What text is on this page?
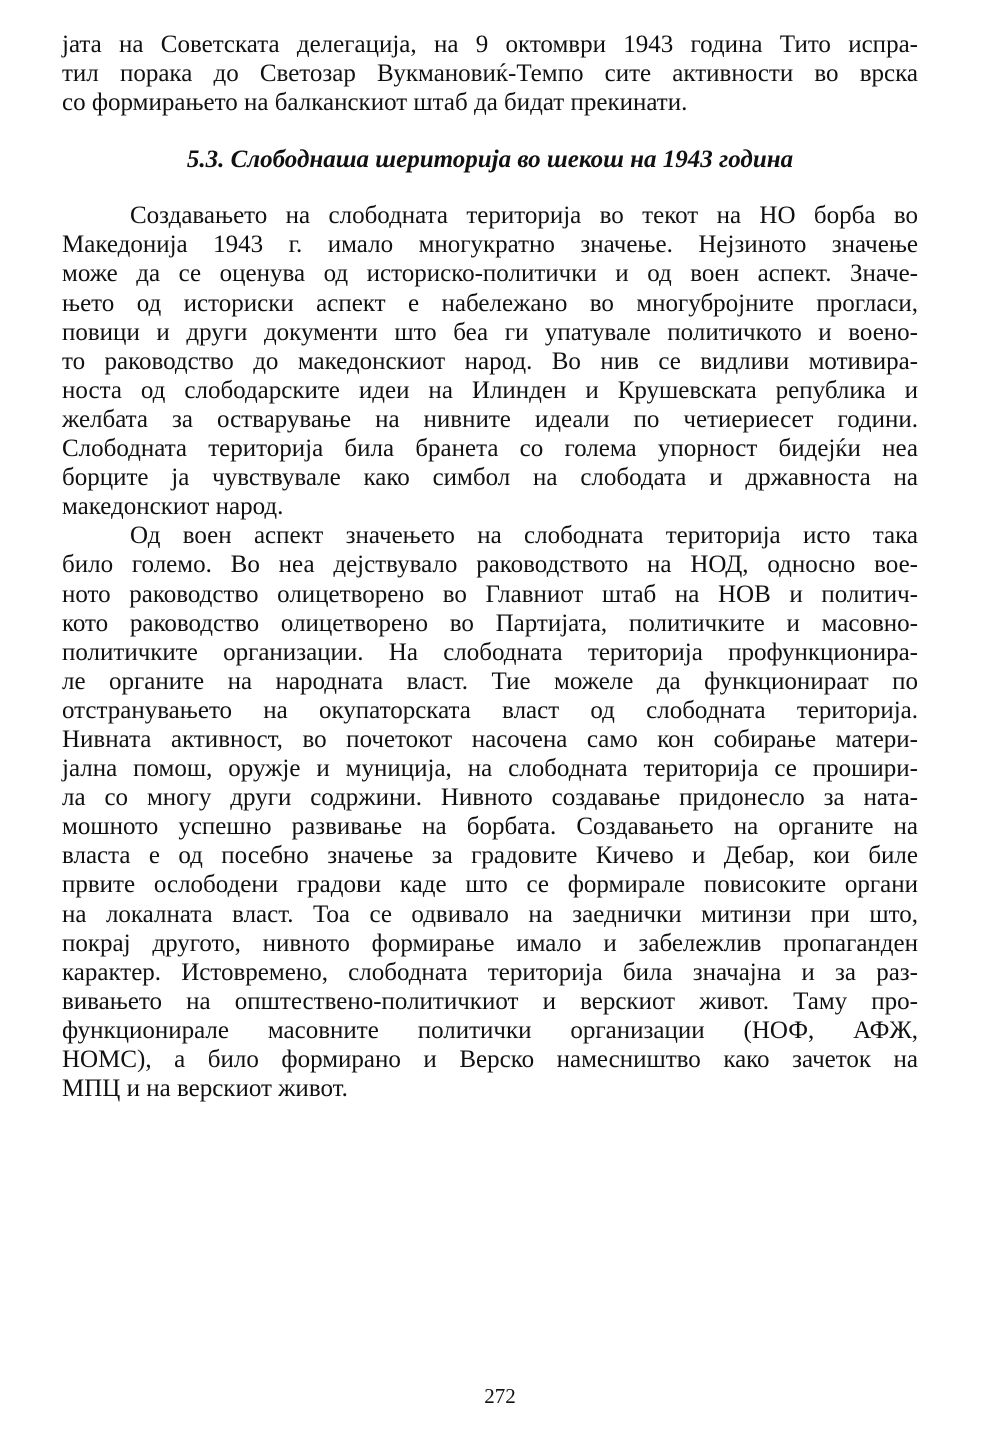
јата на Советската делегација, на 9 октомври 1943 година Тито испра-
тил порака до Светозар Вукмановиќ-Темпо сите активности во врска
со формирањето на балканскиот штаб да бидат прекинати.
5.3. Слободнаша шериторија во шекош на 1943 година
Создавањето на слободната територија во текот на НО борба во
Македонија 1943 г. имало многукратно значење. Нејзиното значење
може да се оценува од историско-политички и од воен аспект. Значе-
њето од историски аспект е набележано во многубројните прогласи,
повици и други документи што беа ги упатувале политичкото и воено-
то раководство до македонскиот народ. Во нив се видливи мотивира-
носта од слободарските идеи на Илинден и Крушевската република и
желбата за остварување на нивните идеали по четиериесет години.
Слободната територија била бранета со голема упорност бидејќи неа
борците ја чувствувале како симбол на слободата и државноста на
македонскиот народ.
Од воен аспект значењето на слободната територија исто така
било големо. Во неа дејствувало раководството на НОД, односно вое-
ното раководство олицетворено во Главниот штаб на НОВ и политич-
кото раководство олицетворено во Партијата, политичките и масовно-
политичките организации. На слободната територија профункционира-
ле органите на народната власт. Тие можеле да функционираат по
отстранувањето на окупаторската власт од слободната територија.
Нивната активност, во почетокот насочена само кон собирање матери-
јална помош, оружје и муниција, на слободната територија се прошири-
ла со многу други содржини. Нивното создавање придонесло за ната-
мошното успешно развивање на борбата. Создавањето на органите на
власта е од посебно значење за градовите Кичево и Дебар, кои биле
првите ослободени градови каде што се формирале повисоките органи
на локалната власт. Тоа се одвивало на заеднички митинзи при што,
покрај другото, нивното формирање имало и забележлив пропаганден
карактер. Истовремено, слободната територија била значајна и за раз-
вивањето на општествено-политичкиот и верскиот живот. Таму про-
функционирале масовните политички организации (НОФ, АФЖ,
НОМС), а било формирано и Верско намесништво како зачеток на
МПЦ и на верскиот живот.
272
